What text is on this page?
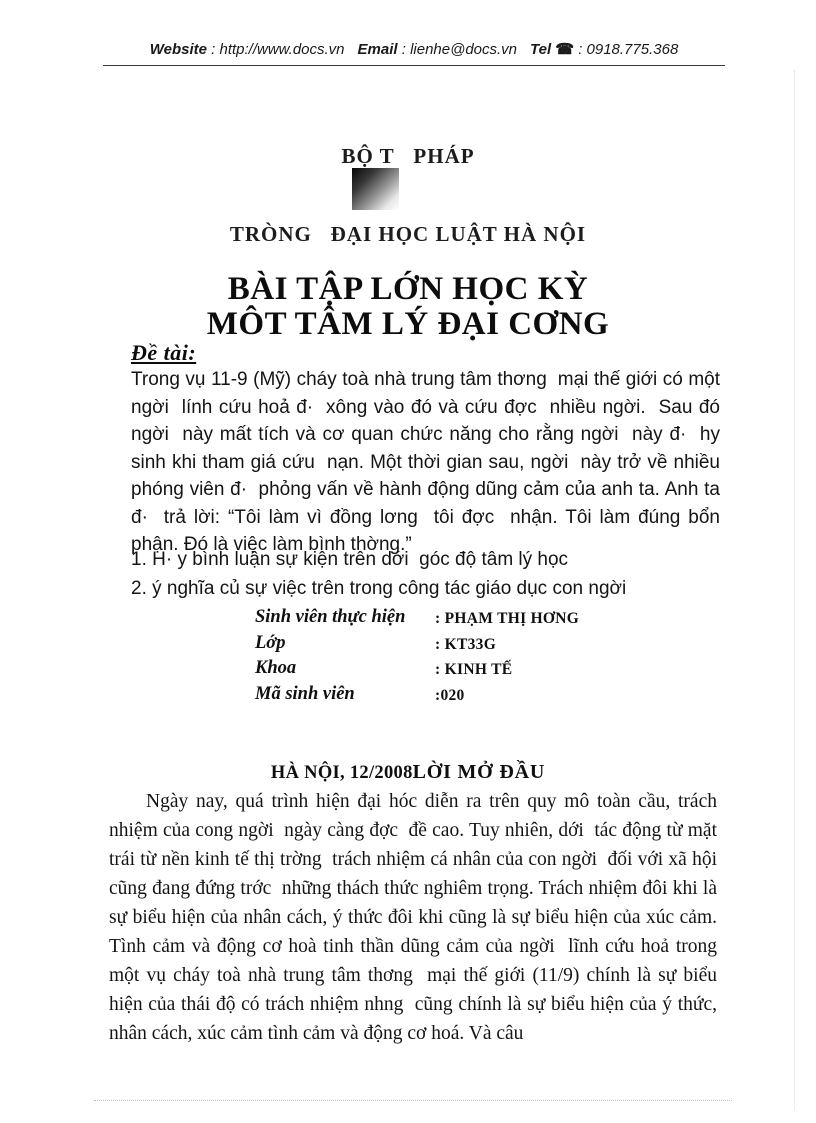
Website : http://www.docs.vn Email : lienhe@docs.vn Tel ☎ : 0918.775.368

BỘ T   PHÁP

TRÒNG   ĐẠI HỌC LUẬT HÀ NỘI

BÀI TẬP LỚN HỌC KỲ
MÔT TÂM LÝ ĐẠI CƠNG
Đề tài:
Trong vụ 11-9 (Mỹ) cháy toà nhà trung tâm thơng  mại thế giới có một ngời  lính cứu hoả đ·  xông vào đó và cứu đợc  nhiều ngời.  Sau đó ngời  này mất tích và cơ quan chức năng cho rằng ngời  này đ·  hy sinh khi tham giá cứu  nạn. Một thời gian sau, ngời  này trở về nhiều phóng viên đ·  phỏng vấn về hành động dũng cảm của anh ta. Anh ta đ·  trả lời: “Tôi làm vì đồng lơng  tôi đợc  nhận. Tôi làm đúng bổn phận. Đó là việc làm bình thờng.”
1. H· y bình luận sự kiện trên dới  góc độ tâm lý học
2. ý nghĩa củ sự việc trên trong công tác giáo dục con ngời
Sinh viên thực hiện	: PHẠM THỊ HƠNG
Lớp	: KT33G
Khoa	: KINH TẾ
Mã sinh viên	:020
HÀ NỘI, 12/2008LỜI MỞ ĐẦU
Ngày nay, quá trình hiện đại hóc diễn ra trên quy mô toàn cầu, trách nhiệm của cong ngời  ngày càng đợc  đề cao. Tuy nhiên, dới  tác động từ mặt trái từ nền kinh tế thị trờng  trách nhiệm cá nhân của con ngời  đối với xã hội cũng đang đứng trớc  những thách thức nghiêm trọng. Trách nhiệm đôi khi là sự biểu hiện của nhân cách, ý thức đôi khi cũng là sự biểu hiện của xúc cảm. Tình cảm và động cơ hoà tinh thần dũng cảm của ngời  lĩnh cứu hoả trong một vụ cháy toà nhà trung tâm thơng  mại thế giới (11/9) chính là sự biểu hiện của thái độ có trách nhiệm nhng  cũng chính là sự biểu hiện của ý thức, nhân cách, xúc cảm tình cảm và động cơ hoá. Và câu
